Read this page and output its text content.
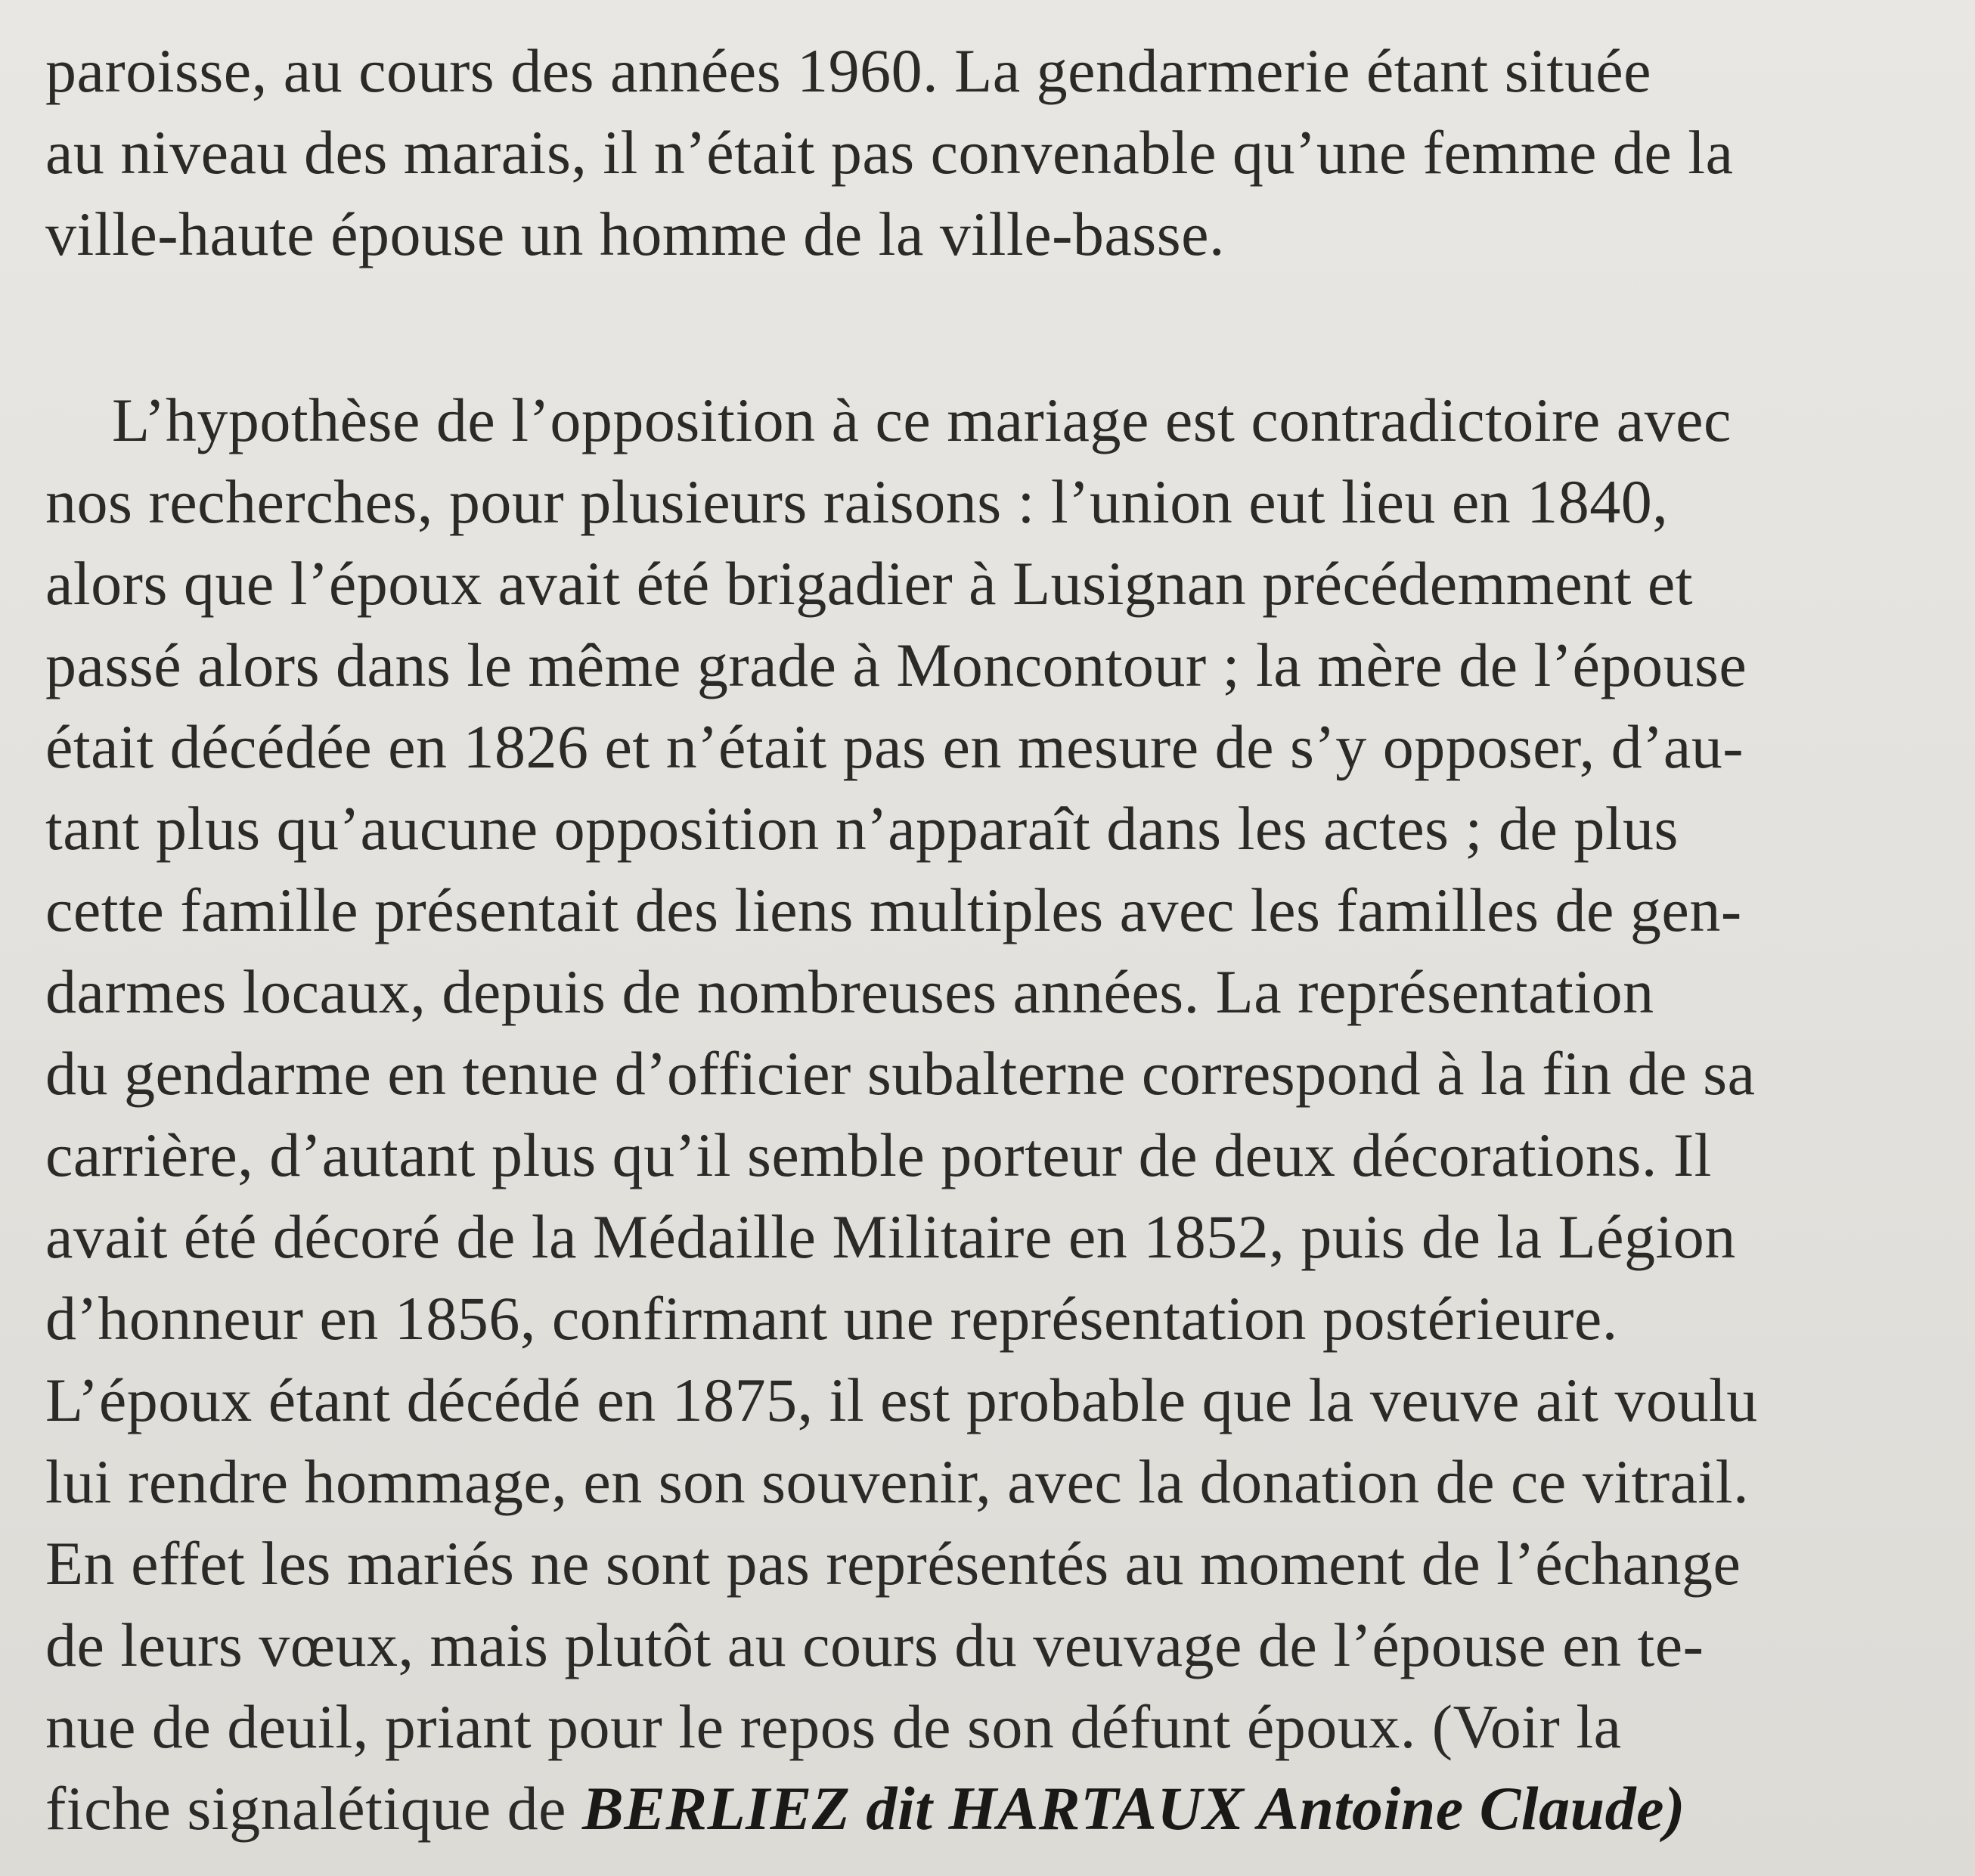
paroisse, au cours des années 1960. La gendarmerie étant située
au niveau des marais, il n’était pas convenable qu’une femme de la
ville-haute épouse un homme de la ville-basse.
L’hypothèse de l’opposition à ce mariage est contradictoire avec
nos recherches, pour plusieurs raisons : l’union eut lieu en 1840,
alors que l’époux avait été brigadier à Lusignan précédemment et
passé alors dans le même grade à Moncontour ; la mère de l’épouse
était décédée en 1826 et n’était pas en mesure de s’y opposer, d’au-
tant plus qu’aucune opposition n’apparaît dans les actes ; de plus
cette famille présentait des liens multiples avec les familles de gen-
darmes locaux, depuis de nombreuses années. La représentation
du gendarme en tenue d’officier subalterne correspond à la fin de sa
carrière, d’autant plus qu’il semble porteur de deux décorations. Il
avait été décoré de la Médaille Militaire en 1852, puis de la Légion
d’honneur en 1856, confirmant une représentation postérieure.
L’époux étant décédé en 1875, il est probable que la veuve ait voulu
lui rendre hommage, en son souvenir, avec la donation de ce vitrail.
En effet les mariés ne sont pas représentés au moment de l’échange
de leurs vœux, mais plutôt au cours du veuvage de l’épouse en te-
nue de deuil, priant pour le repos de son défunt époux. (Voir la
fiche signalétique de BERLIEZ dit HARTAUX Antoine Claude)
